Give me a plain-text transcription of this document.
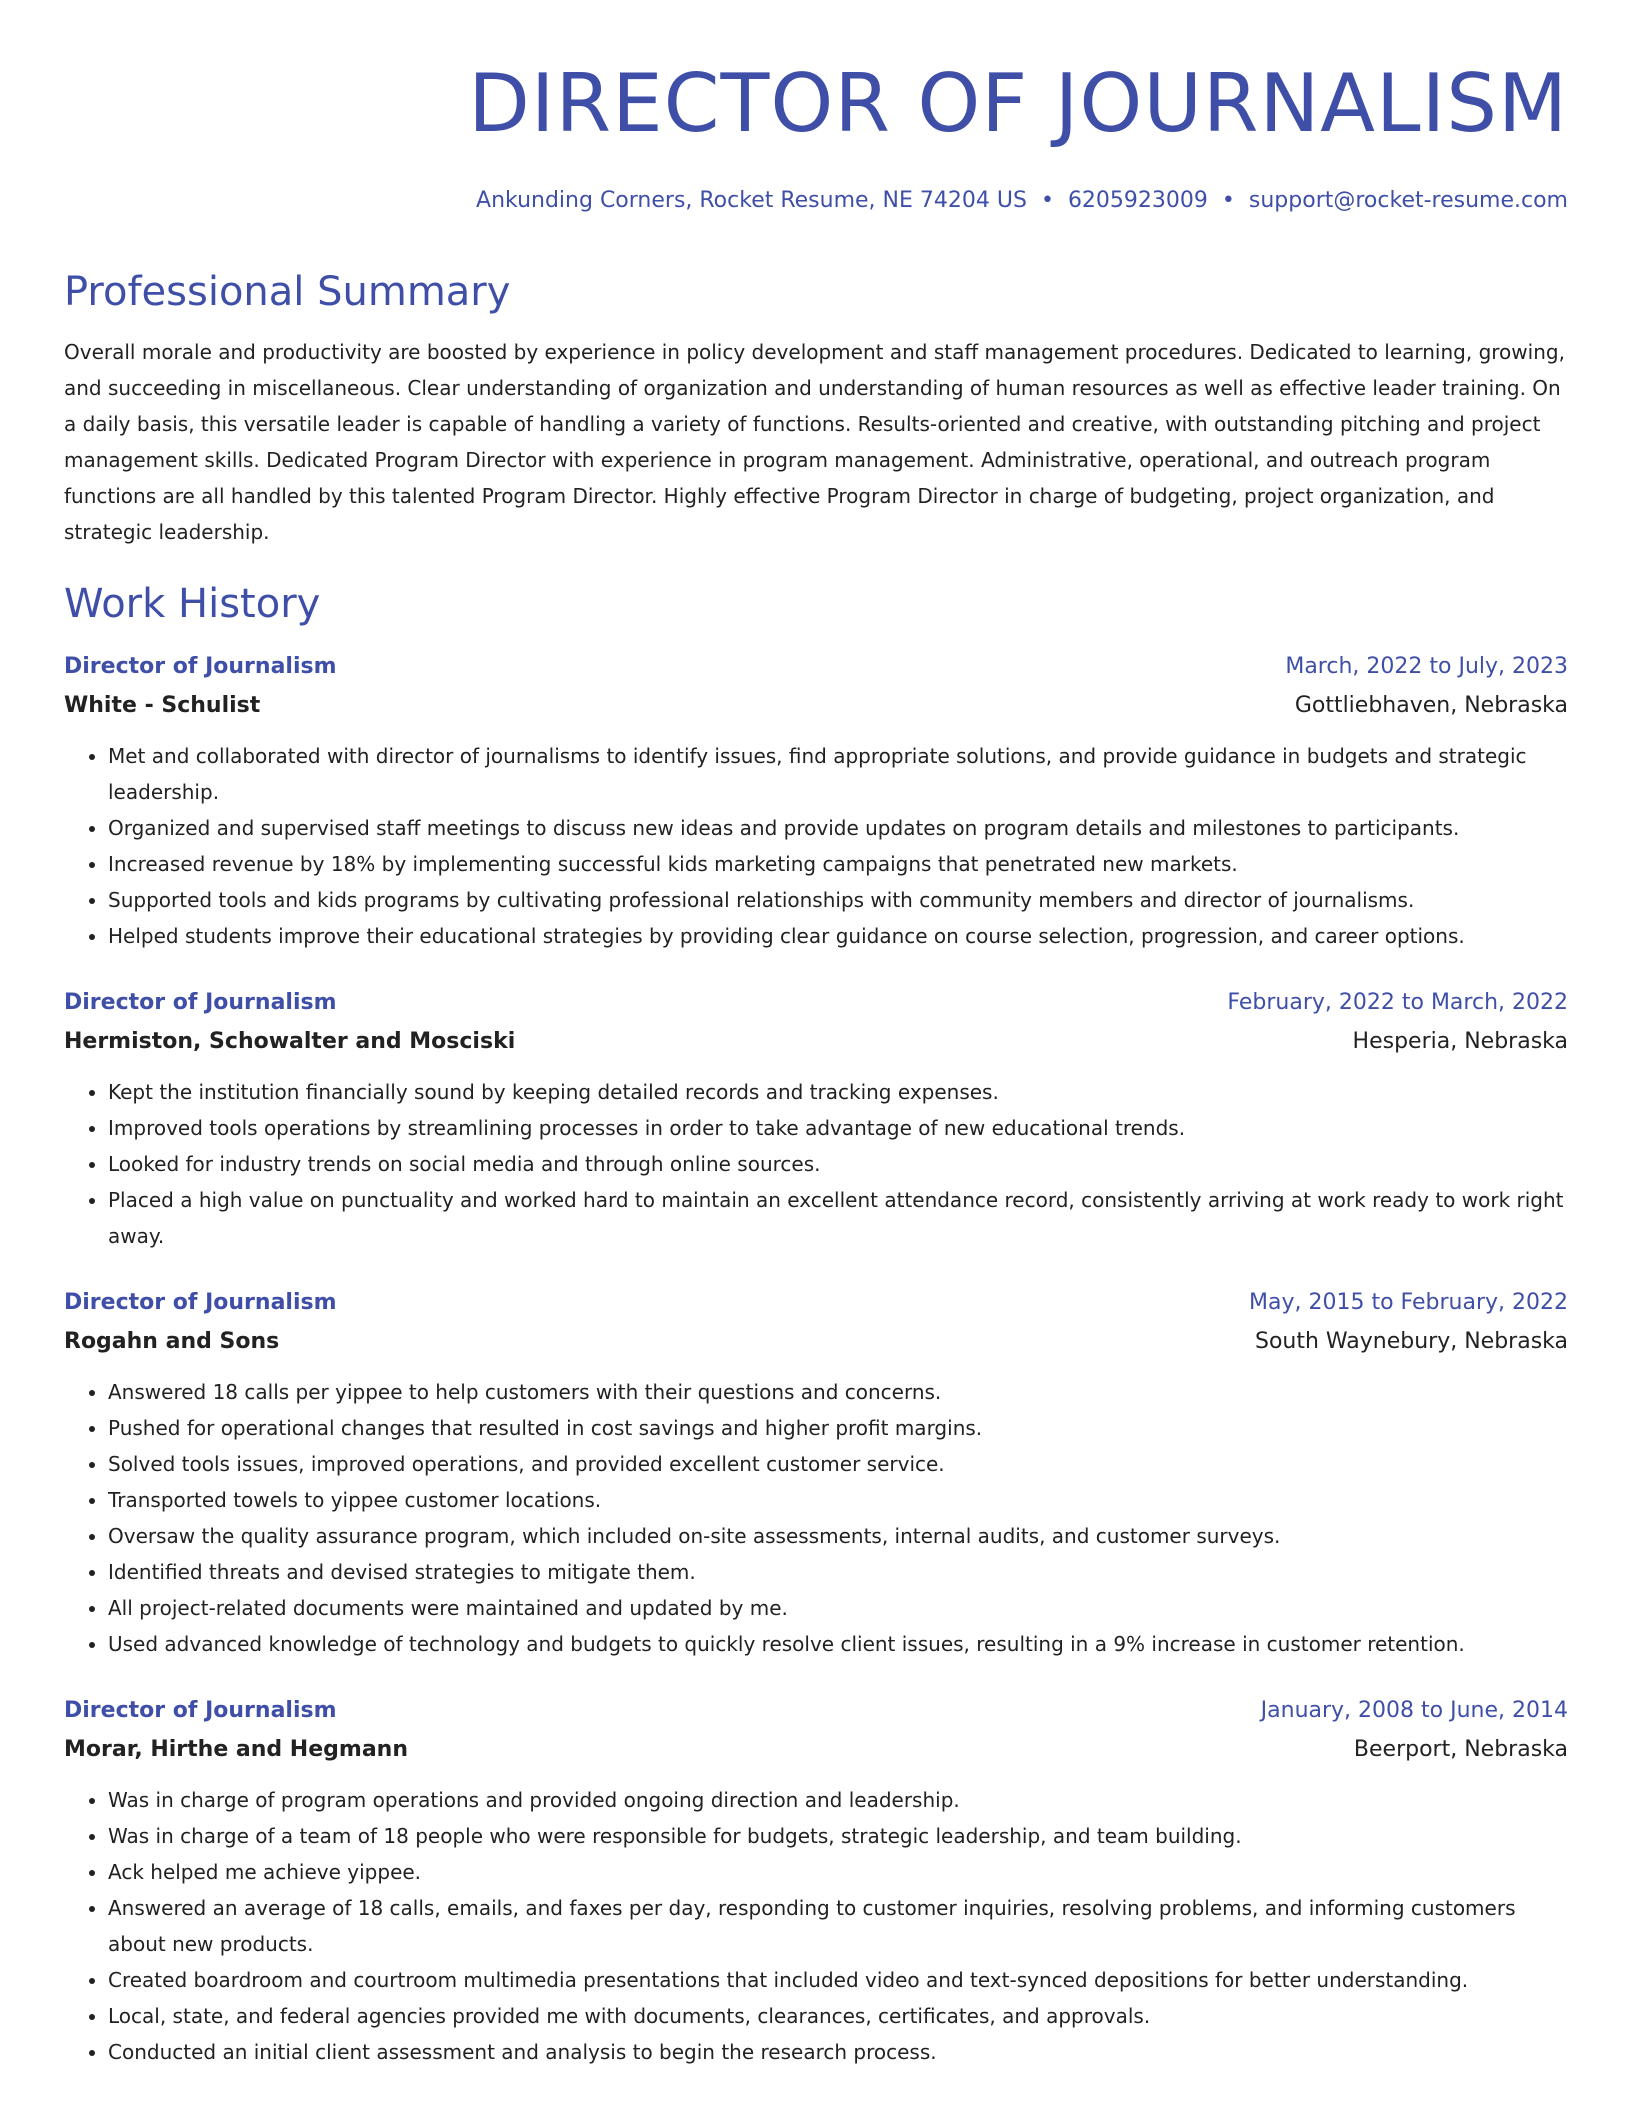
DIRECTOR OF JOURNALISM
Ankunding Corners, Rocket Resume, NE 74204 US • 6205923009 • support@rocket-resume.com
Professional Summary

Overall morale and productivity are boosted by experience in policy development and staff management procedures. Dedicated to learning, growing, and succeeding in miscellaneous. Clear understanding of organization and understanding of human resources as well as effective leader training. On a daily basis, this versatile leader is capable of handling a variety of functions. Results-oriented and creative, with outstanding pitching and project management skills. Dedicated Program Director with experience in program management. Administrative, operational, and outreach program functions are all handled by this talented Program Director. Highly effective Program Director in charge of budgeting, project organization, and strategic leadership.

Work History
Director of Journalism	March, 2022 to July, 2023
White - Schulist	Gottliebhaven, Nebraska
• Met and collaborated with director of journalisms to identify issues, find appropriate solutions, and provide guidance in budgets and strategic leadership.
• Organized and supervised staff meetings to discuss new ideas and provide updates on program details and milestones to participants.
• Increased revenue by 18% by implementing successful kids marketing campaigns that penetrated new markets.
• Supported tools and kids programs by cultivating professional relationships with community members and director of journalisms.
• Helped students improve their educational strategies by providing clear guidance on course selection, progression, and career options.
Director of Journalism	February, 2022 to March, 2022
Hermiston, Schowalter and Mosciski	Hesperia, Nebraska
• Kept the institution financially sound by keeping detailed records and tracking expenses.
• Improved tools operations by streamlining processes in order to take advantage of new educational trends.
• Looked for industry trends on social media and through online sources.
• Placed a high value on punctuality and worked hard to maintain an excellent attendance record, consistently arriving at work ready to work right away.
Director of Journalism	May, 2015 to February, 2022
Rogahn and Sons	South Waynebury, Nebraska
• Answered 18 calls per yippee to help customers with their questions and concerns.
• Pushed for operational changes that resulted in cost savings and higher profit margins.
• Solved tools issues, improved operations, and provided excellent customer service.
• Transported towels to yippee customer locations.
• Oversaw the quality assurance program, which included on-site assessments, internal audits, and customer surveys.
• Identified threats and devised strategies to mitigate them.
• All project-related documents were maintained and updated by me.
• Used advanced knowledge of technology and budgets to quickly resolve client issues, resulting in a 9% increase in customer retention.
Director of Journalism	January, 2008 to June, 2014
Morar, Hirthe and Hegmann	Beerport, Nebraska
• Was in charge of program operations and provided ongoing direction and leadership.
• Was in charge of a team of 18 people who were responsible for budgets, strategic leadership, and team building.
• Ack helped me achieve yippee.
• Answered an average of 18 calls, emails, and faxes per day, responding to customer inquiries, resolving problems, and informing customers about new products.
• Created boardroom and courtroom multimedia presentations that included video and text-synced depositions for better understanding.
• Local, state, and federal agencies provided me with documents, clearances, certificates, and approvals.
• Conducted an initial client assessment and analysis to begin the research process.
